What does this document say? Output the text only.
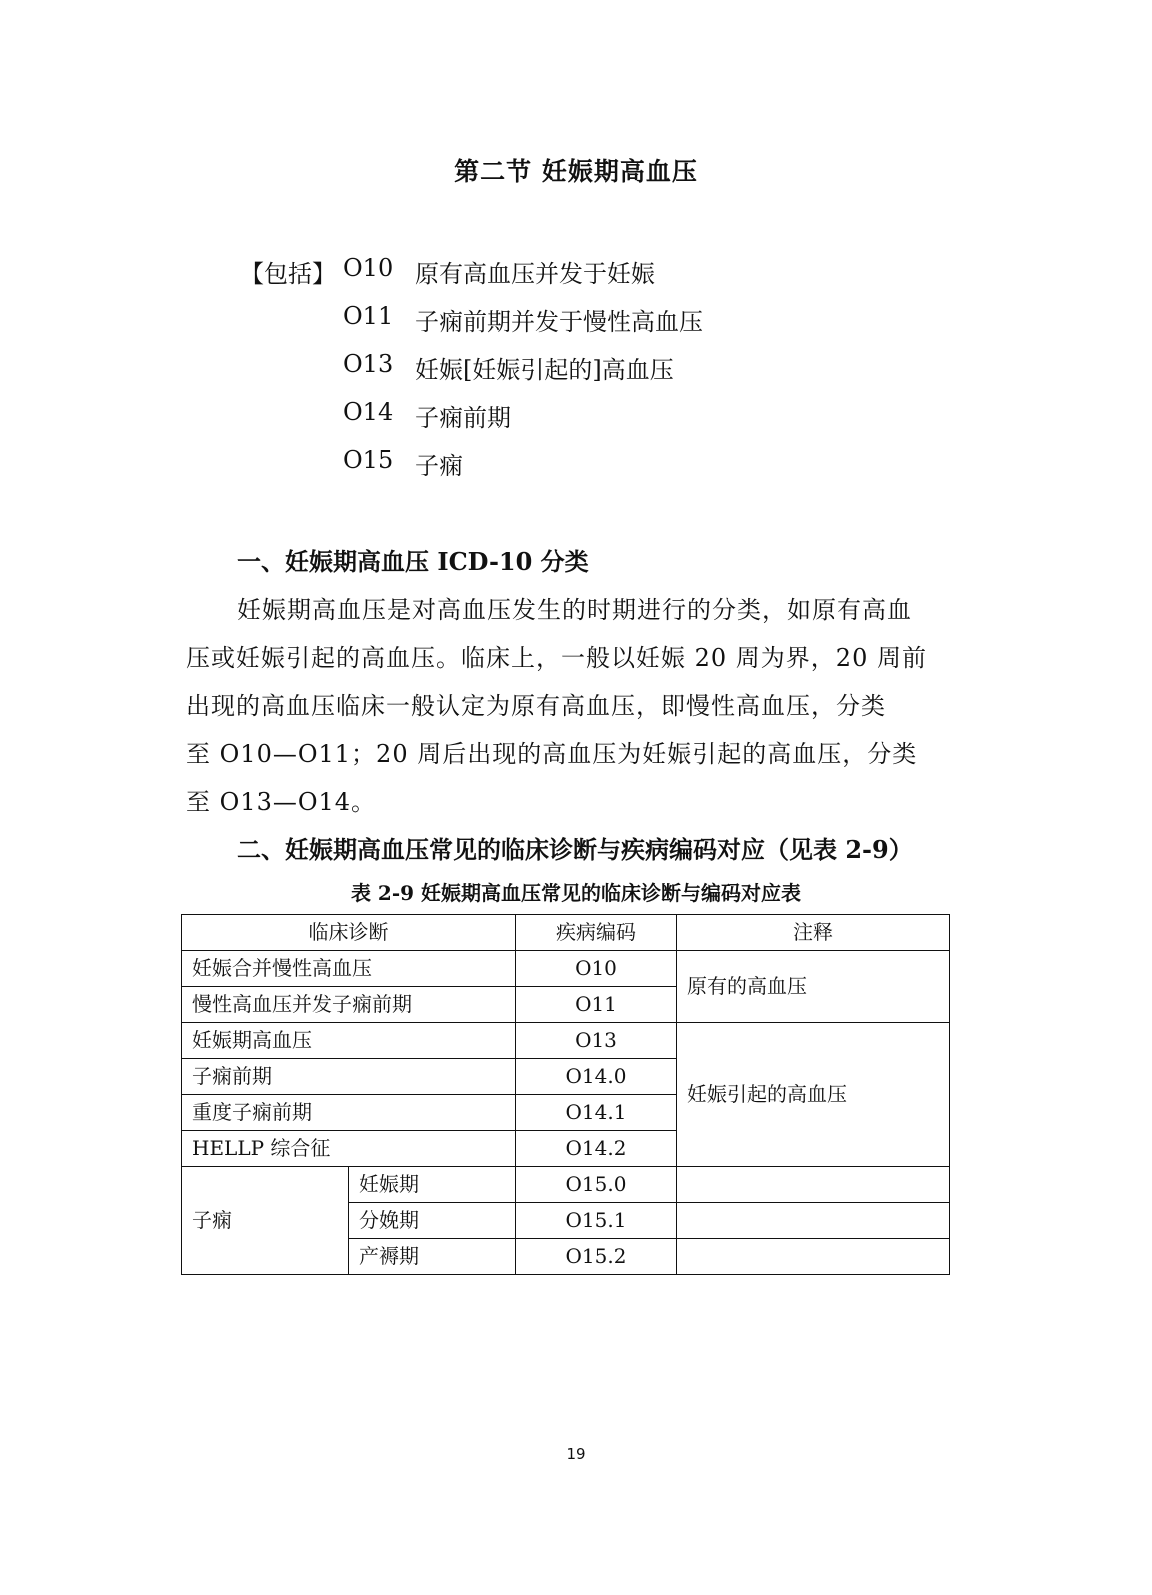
第二节 妊娠期高血压
【包括】 O10 原有高血压并发于妊娠
O11 子痫前期并发于慢性高血压
O13 妊娠[妊娠引起的]高血压
O14 子痫前期
O15 子痫
一、妊娠期高血压 ICD-10 分类
妊娠期高血压是对高血压发生的时期进行的分类，如原有高血
压或妊娠引起的高血压。临床上，一般以妊娠 20 周为界，20 周前
出现的高血压临床一般认定为原有高血压，即慢性高血压，分类
至 O10—O11；20 周后出现的高血压为妊娠引起的高血压，分类
至 O13—O14。
二、妊娠期高血压常见的临床诊断与疾病编码对应（见表 2-9）
表 2-9 妊娠期高血压常见的临床诊断与编码对应表
临床诊断		疾病编码	注释
妊娠合并慢性高血压		O10	原有的高血压
慢性高血压并发子痫前期		O11	
妊娠期高血压		O13	妊娠引起的高血压
子痫前期		O14.0	
重度子痫前期		O14.1	
HELLP 综合征		O14.2	
子痫	妊娠期	O15.0	
	分娩期	O15.1	
	产褥期	O15.2	
19
